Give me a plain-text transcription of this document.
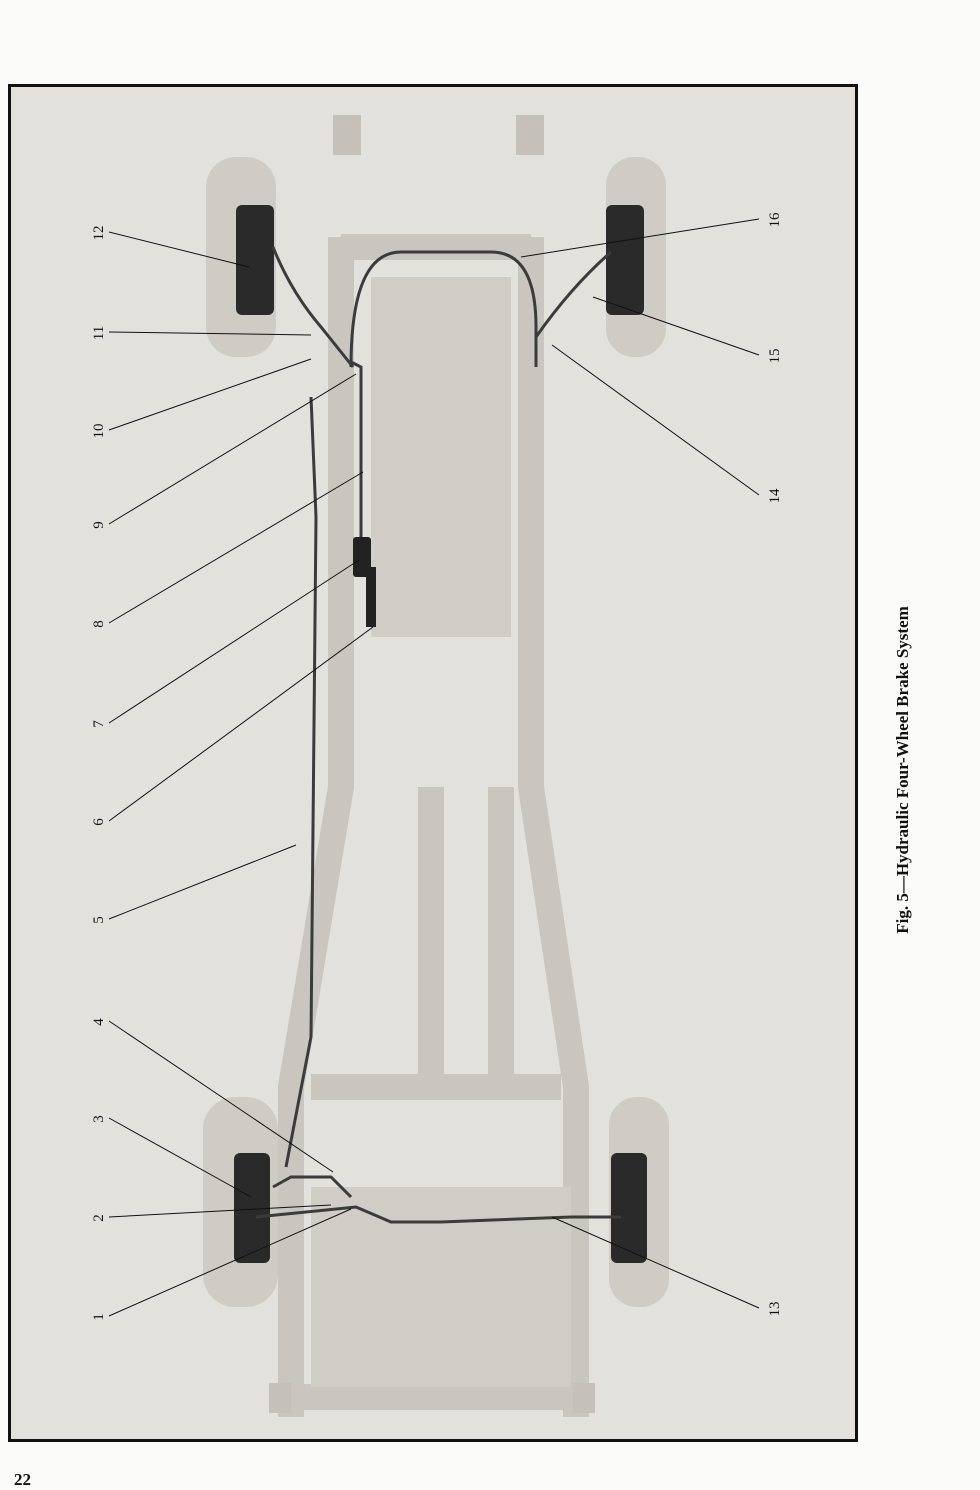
12
11
10
9
8
7
6
5
4
3
2
1
16
15
14
13
Fig. 5—Hydraulic Four-Wheel Brake System
22
